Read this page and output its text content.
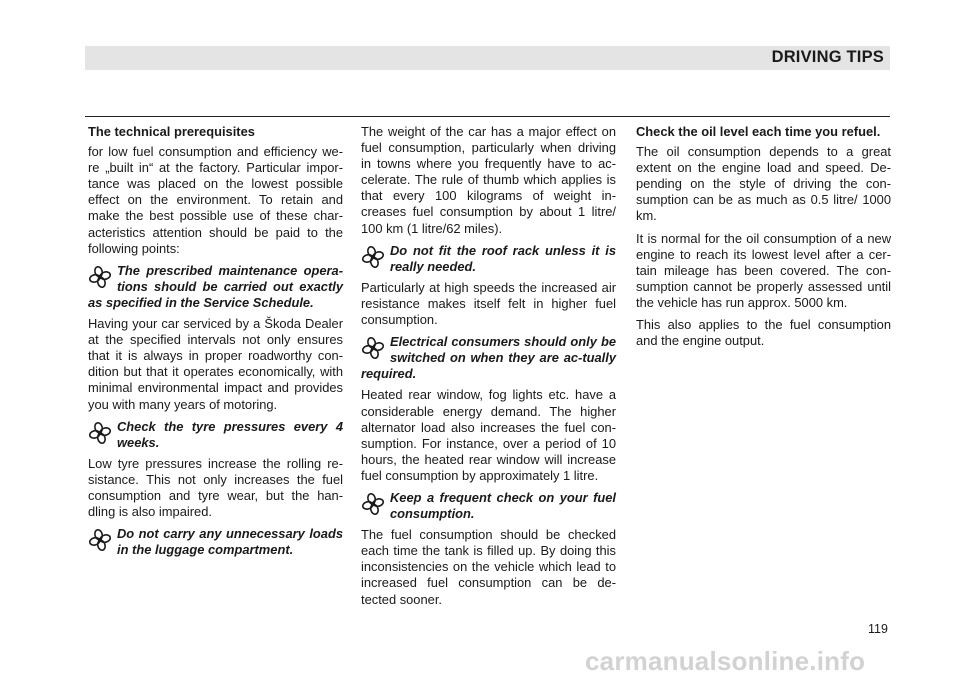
DRIVING TIPS

The technical prerequisites

for low fuel consumption and efficiency we-re „built in“ at the factory. Particular impor-tance was placed on the lowest possible effect on the environment. To retain and make the best possible use of these char-acteristics attention should be paid to the following points:

The prescribed maintenance opera-tions should be carried out exactly as specified in the Service Schedule.

Having your car serviced by a Škoda Dealer at the specified intervals not only ensures that it is always in proper roadworthy con-dition but that it operates economically, with minimal environmental impact and provides you with many years of motoring.

Check the tyre pressures every 4 weeks.

Low tyre pressures increase the rolling re-sistance. This not only increases the fuel consumption and tyre wear, but the han-dling is also impaired.

Do not carry any unnecessary loads in the luggage compartment.

The weight of the car has a major effect on fuel consumption, particularly when driving in towns where you frequently have to ac-celerate. The rule of thumb which applies is that every 100 kilograms of weight in-creases fuel consumption by about 1 litre/ 100 km (1 litre/62 miles).

Do not fit the roof rack unless it is really needed.

Particularly at high speeds the increased air resistance makes itself felt in higher fuel consumption.

Electrical consumers should only be switched on when they are ac-tually required.

Heated rear window, fog lights etc. have a considerable energy demand. The higher alternator load also increases the fuel con-sumption. For instance, over a period of 10 hours, the heated rear window will increase fuel consumption by approximately 1 litre.

Keep a frequent check on your fuel consumption.

The fuel consumption should be checked each time the tank is filled up. By doing this inconsistencies on the vehicle which lead to increased fuel consumption can be de-tected sooner.

Check the oil level each time you refuel.

The oil consumption depends to a great extent on the engine load and speed. De-pending on the style of driving the con-sumption can be as much as 0.5 litre/ 1000 km.

It is normal for the oil consumption of a new engine to reach its lowest level after a cer-tain mileage has been covered. The con-sumption cannot be properly assessed until the vehicle has run approx. 5000 km.

This also applies to the fuel consumption and the engine output.

119
carmanualsonline.info
